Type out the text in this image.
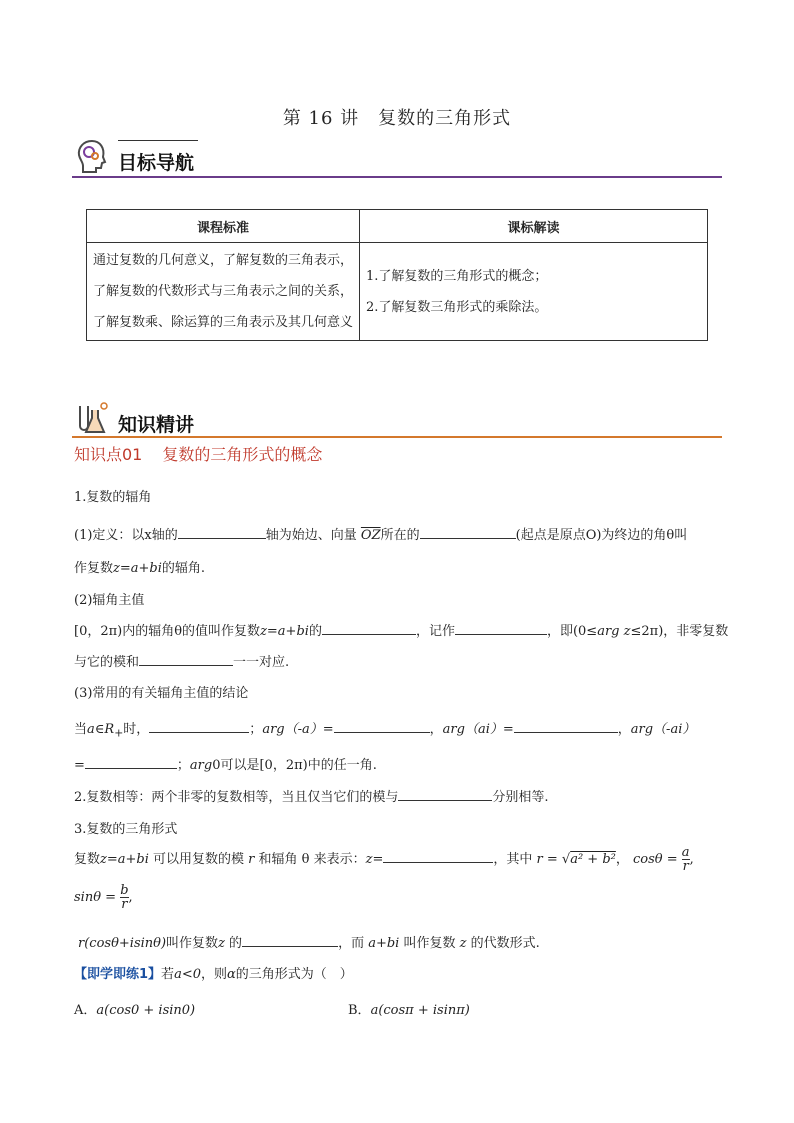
第 16 讲　复数的三角形式
目标导航
课程标准	课标解读
通过复数的几何意义，了解复数的三角表示，了解复数的代数形式与三角表示之间的关系，了解复数乘、除运算的三角表示及其几何意义	1.了解复数的三角形式的概念；
2.了解复数三角形式的乘除法。
知识精讲
知识点01 复数的三角形式的概念
1.复数的辐角
(1)定义：以x轴的	轴为始边、向量 $\overline{OZ}$所在的	(起点是原点O)为终边的角θ叫
作复数z=a+bi的辐角.
(2)辐角主值
[0，2π)内的辐角θ的值叫作复数z=a+bi的	，记作	，即(0≤arg z≤2π)，非零复数
与它的模和	一一对应.
(3)常用的有关辐角主值的结论
当$a\in R_+$时，	；arg（-a）=	，arg（ai）=	，arg（-ai）
=	；arg0可以是[0，2π)中的任一角.
2.复数相等：两个非零的复数相等，当且仅当它们的模与	分别相等.
3.复数的三角形式
复数z=a+bi 可以用复数的模 r 和辐角 θ 来表示：z=	，其中 r = √a² + b²， $\cos\theta = \frac{a}{r}$ ,
$\sin\theta = \frac{b}{r}$ ,
r(cosθ+isinθ)叫作复数z 的	，而 a+bi 叫作复数 z 的代数形式.
【即学即练1】若a<0，则α的三角形式为（　）
A．a(cos0 + isin0)	B．a(cosπ + isinπ)
